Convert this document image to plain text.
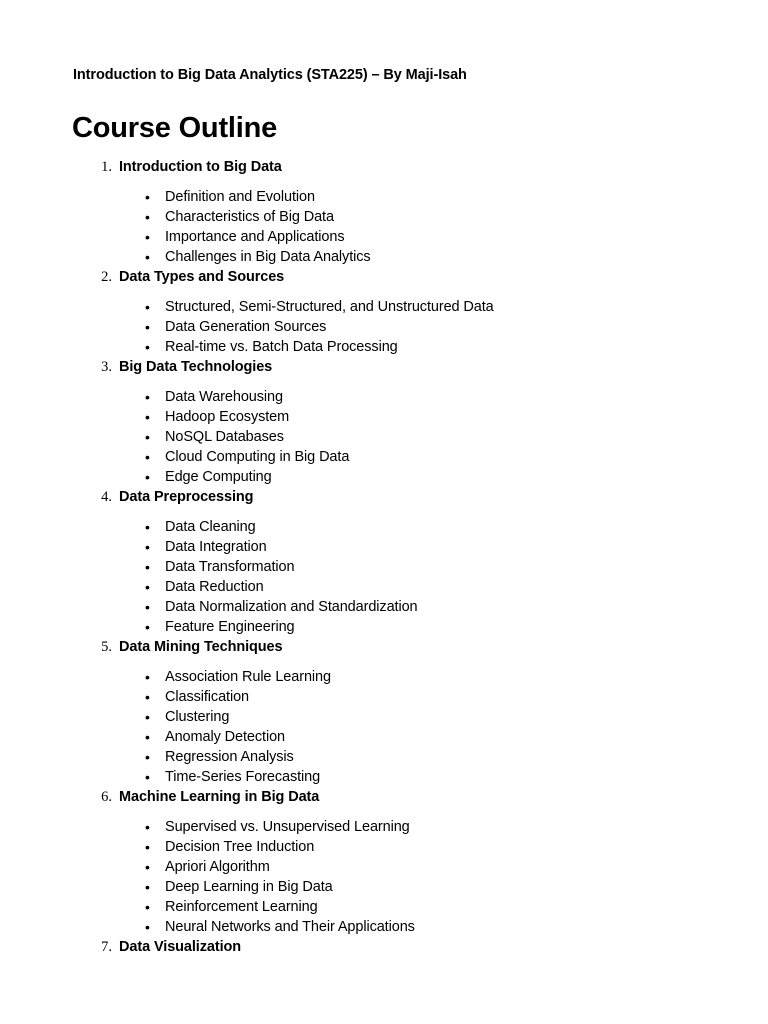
Introduction to Big Data Analytics (STA225) – By Maji-Isah
Course Outline
1. Introduction to Big Data
• Definition and Evolution
• Characteristics of Big Data
• Importance and Applications
• Challenges in Big Data Analytics
2. Data Types and Sources
• Structured, Semi-Structured, and Unstructured Data
• Data Generation Sources
• Real-time vs. Batch Data Processing
3. Big Data Technologies
• Data Warehousing
• Hadoop Ecosystem
• NoSQL Databases
• Cloud Computing in Big Data
• Edge Computing
4. Data Preprocessing
• Data Cleaning
• Data Integration
• Data Transformation
• Data Reduction
• Data Normalization and Standardization
• Feature Engineering
5. Data Mining Techniques
• Association Rule Learning
• Classification
• Clustering
• Anomaly Detection
• Regression Analysis
• Time-Series Forecasting
6. Machine Learning in Big Data
• Supervised vs. Unsupervised Learning
• Decision Tree Induction
• Apriori Algorithm
• Deep Learning in Big Data
• Reinforcement Learning
• Neural Networks and Their Applications
7. Data Visualization
